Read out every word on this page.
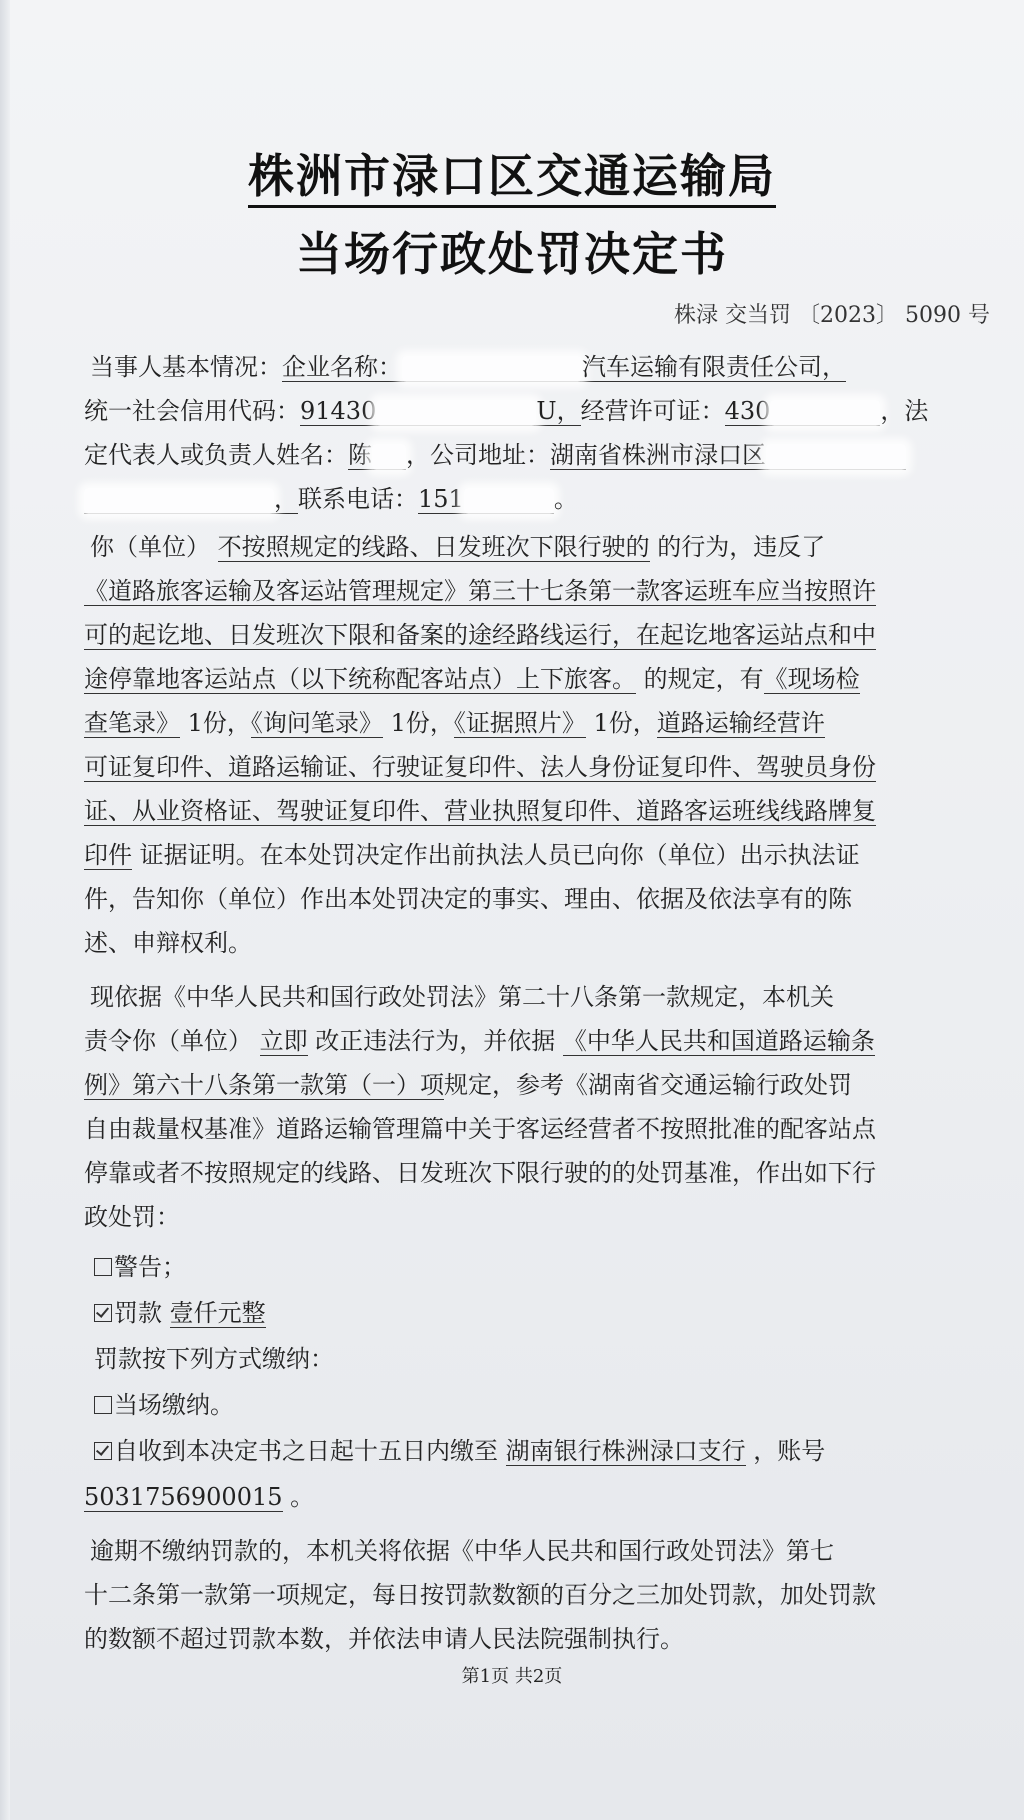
株洲市渌口区交通运输局
当场行政处罚决定书
株渌 交当罚 〔2023〕 5090 号
当事人基本情况：企业名称：	汽车运输有限责任公司，
统一社会信用代码：91430	U，经营许可证：430	，法
定代表人或负责人姓名：陈 ，公司地址：湖南省株洲市渌口区
，联系电话：151	。
你（单位） 不按照规定的线路、日发班次下限行驶的 的行为，违反了
《道路旅客运输及客运站管理规定》第三十七条第一款客运班车应当按照许
可的起讫地、日发班次下限和备案的途经路线运行，在起讫地客运站点和中
途停靠地客运站点（以下统称配客站点）上下旅客。 的规定，有《现场检
查笔录》 1份，《询问笔录》 1份，《证据照片》 1份，道路运输经营许
可证复印件、道路运输证、行驶证复印件、法人身份证复印件、驾驶员身份
证、从业资格证、驾驶证复印件、营业执照复印件、道路客运班线线路牌复
印件 证据证明。在本处罚决定作出前执法人员已向你（单位）出示执法证
件，告知你（单位）作出本处罚决定的事实、理由、依据及依法享有的陈
述、申辩权利。
现依据《中华人民共和国行政处罚法》第二十八条第一款规定，本机关
责令你（单位） 立即 改正违法行为，并依据 《中华人民共和国道路运输条
例》第六十八条第一款第（一）项规定，参考《湖南省交通运输行政处罚
自由裁量权基准》道路运输管理篇中关于客运经营者不按照批准的配客站点
停靠或者不按照规定的线路、日发班次下限行驶的的处罚基准，作出如下行
政处罚：
警告；
罚款 壹仟元整
罚款按下列方式缴纳：
当场缴纳。
自收到本决定书之日起十五日内缴至 湖南银行株洲渌口支行 ，账号
5031756900015 。
逾期不缴纳罚款的，本机关将依据《中华人民共和国行政处罚法》第七
十二条第一款第一项规定，每日按罚款数额的百分之三加处罚款，加处罚款
的数额不超过罚款本数，并依法申请人民法院强制执行。
第1页 共2页
